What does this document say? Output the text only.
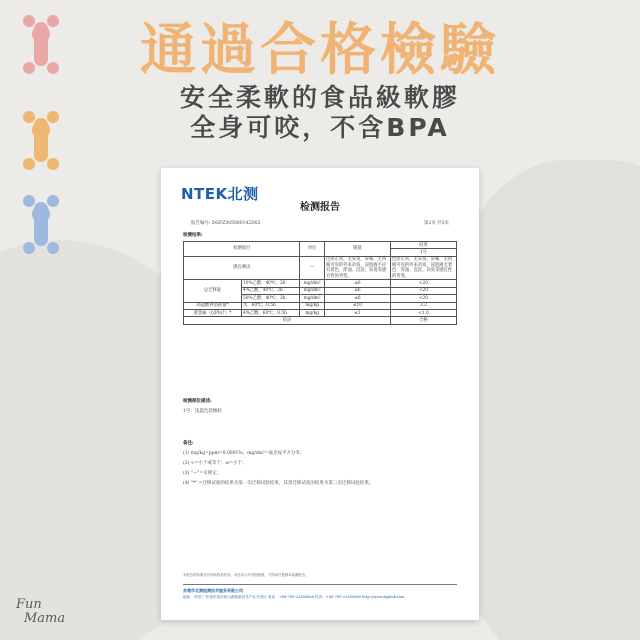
通過合格檢驗
安全柔軟的食品級軟膠
全身可咬，不含BPA
Fun
Mama
NTEK北测
检测报告
报告编号: DGFZ305080142D02	第2页 共3页
检测结果:
检测项目		单位	限值	结果
				1号
感官测试		—	色泽正常，无异臭、异味，无肉眼可见的外来杂质，浸泡液不应有着色、浑浊、沉淀、异臭等感官性的劣变。	色泽正常，无异臭、异味，无肉眼可见的外来杂质，浸泡液无着色、浑浊、沉淀、异臭等感官性的劣变。
总迁移量	10%乙醇，40℃，2h	mg/dm²	≤6	<20
	4%乙酸，40℃，2h	mg/dm²	≤6	<20
	50%乙醇，40℃，2h	mg/dm²	≤6	<20
高锰酸钾消耗量*	水，60℃，0.5h	mg/kg	≤10	3.2
重金属（以Pb计）*	4%乙酸，60℃，0.5h	mg/kg	≤1	<1.0
结论				合格
检测部位描述:
1号：浅蓝色硅橡胶
备注:
(1) mg/kg=ppm=0.0001%；mg/dm²=毫克每平方分米；
(2) <=小于或等于；≤=小于；
(3) "—"=未规定；
(4) "*" =迁移试验的结果为第一次迁移试验结果，其余迁移试验的结果为第三次迁移试验结果。
本报告的结果仅对所检样品有效。未经本公司书面批准，不得部分复制本检测报告。
东莞市北测检测技术服务有限公司
地址：中国 广东省东莞市松山湖高新技术产业开发区 电话：+86-769-22380686 传真：+86-769-22380680 http://www.dgntek.com
